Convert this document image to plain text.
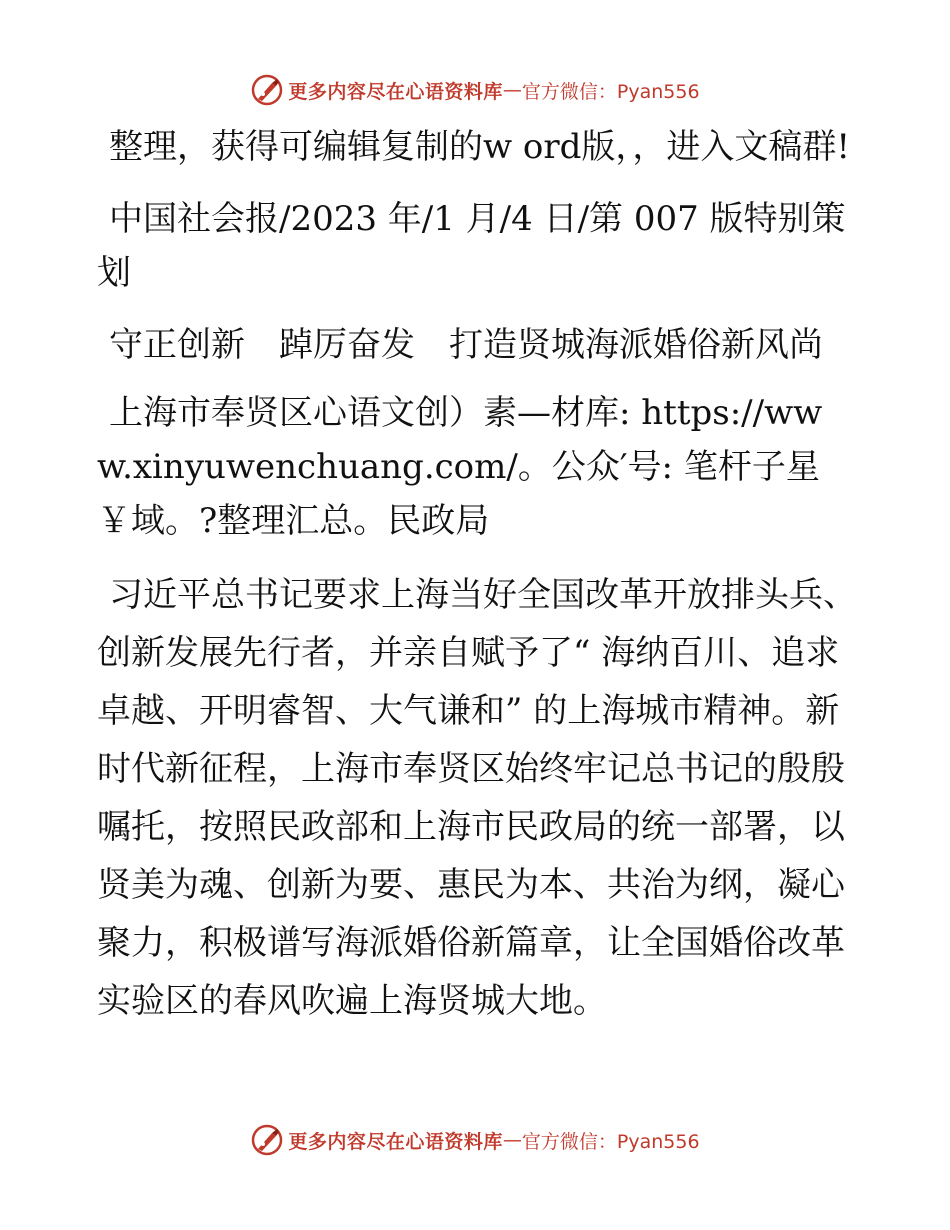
更多内容尽在心语资料库 — 官方微信：Pyan556

整理，获得可编辑复制的w ord版，，进入文稿群!

中国社会报/2023 年/1 月/4 日/第 007 版特别策划

守正创新　踔厉奋发　打造贤城海派婚俗新风尚

上海市奉贤区心语文创）素—材库: https://www.xinyuwenchuang.com/。公众′号: 笔杆子星￥域。?整理汇总。民政局

习近平总书记要求上海当好全国改革开放排头兵、创新发展先行者，并亲自赋予了“ 海纳百川、追求卓越、开明睿智、大气谦和” 的上海城市精神。新时代新征程，上海市奉贤区始终牢记总书记的殷殷嘱托，按照民政部和上海市民政局的统一部署，以贤美为魂、创新为要、惠民为本、共治为纲，凝心聚力，积极谱写海派婚俗新篇章，让全国婚俗改革实验区的春风吹遍上海贤城大地。

更多内容尽在心语资料库 — 官方微信：Pyan556
